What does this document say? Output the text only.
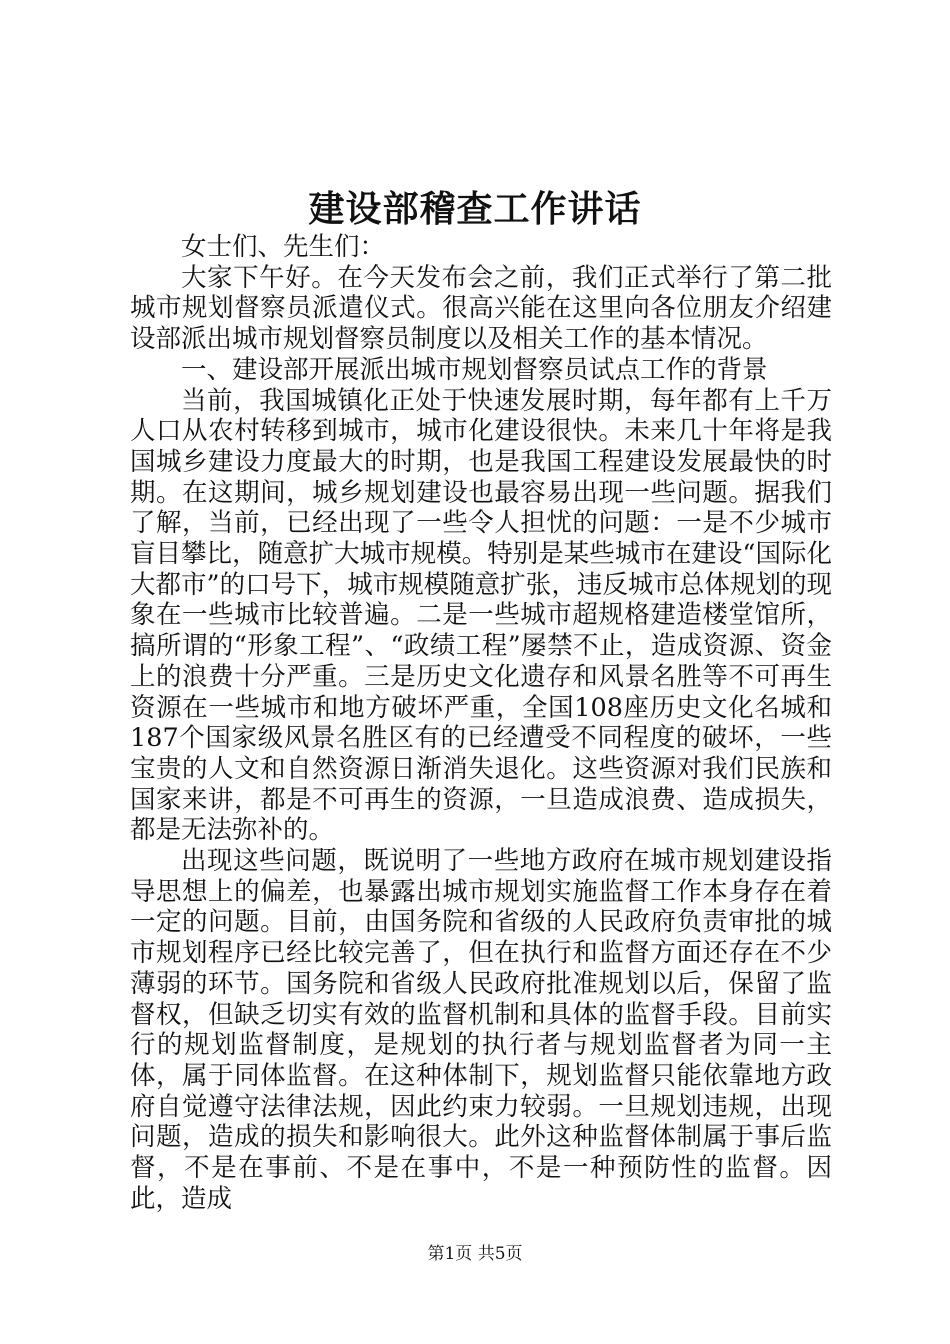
建设部稽查工作讲话

女士们、先生们：

大家下午好。在今天发布会之前，我们正式举行了第二批城市规划督察员派遣仪式。很高兴能在这里向各位朋友介绍建设部派出城市规划督察员制度以及相关工作的基本情况。

一、建设部开展派出城市规划督察员试点工作的背景

当前，我国城镇化正处于快速发展时期，每年都有上千万人口从农村转移到城市，城市化建设很快。未来几十年将是我国城乡建设力度最大的时期，也是我国工程建设发展最快的时期。在这期间，城乡规划建设也最容易出现一些问题。据我们了解，当前，已经出现了一些令人担忧的问题：一是不少城市盲目攀比，随意扩大城市规模。特别是某些城市在建设“国际化大都市”的口号下，城市规模随意扩张，违反城市总体规划的现象在一些城市比较普遍。二是一些城市超规格建造楼堂馆所，搞所谓的“形象工程”、“政绩工程”屡禁不止，造成资源、资金上的浪费十分严重。三是历史文化遗存和风景名胜等不可再生资源在一些城市和地方破坏严重，全国108座历史文化名城和187个国家级风景名胜区有的已经遭受不同程度的破坏，一些宝贵的人文和自然资源日渐消失退化。这些资源对我们民族和国家来讲，都是不可再生的资源，一旦造成浪费、造成损失，都是无法弥补的。

出现这些问题，既说明了一些地方政府在城市规划建设指导思想上的偏差，也暴露出城市规划实施监督工作本身存在着一定的问题。目前，由国务院和省级的人民政府负责审批的城市规划程序已经比较完善了，但在执行和监督方面还存在不少薄弱的环节。国务院和省级人民政府批准规划以后，保留了监督权，但缺乏切实有效的监督机制和具体的监督手段。目前实行的规划监督制度，是规划的执行者与规划监督者为同一主体，属于同体监督。在这种体制下，规划监督只能依靠地方政府自觉遵守法律法规，因此约束力较弱。一旦规划违规，出现问题，造成的损失和影响很大。此外这种监督体制属于事后监督，不是在事前、不是在事中，不是一种预防性的监督。因此，造成

第1页 共5页
